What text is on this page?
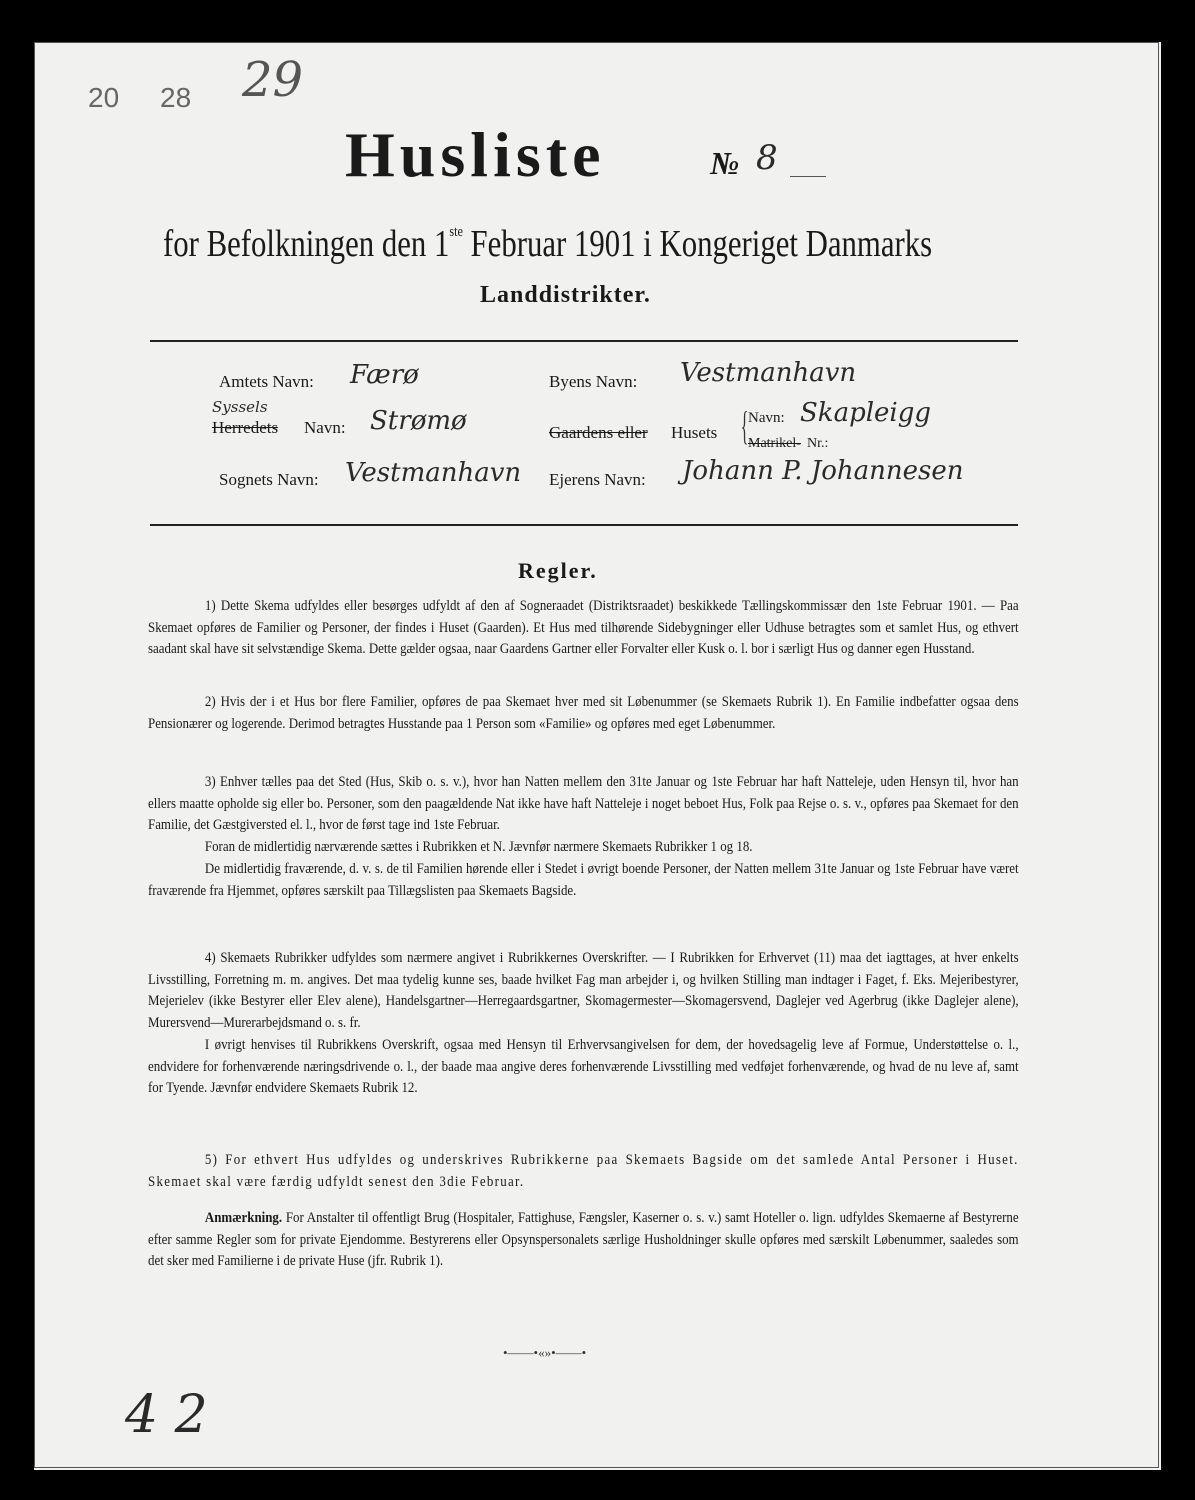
20 28 29
Husliste	№ 8
for Befolkningen den 1ste Februar 1901 i Kongeriget Danmarks
Landdistrikter.
Amtets Navn: Færø
Syssels
Herredets Navn: Strømø
Sognets Navn: Vestmanhavn
Byens Navn: Vestmanhavn
Gaardens eller Husets { Navn: Skapleigg
Matrikel- Nr.:
Ejerens Navn: Johann P. Johannesen
Regler.

1) Dette Skema udfyldes eller besørges udfyldt af den af Sogneraadet (Distriktsraadet) beskikkede Tællingskommissær den 1ste Februar 1901. — Paa Skemaet opføres de Familier og Personer, der findes i Huset (Gaarden). Et Hus med tilhørende Sidebygninger eller Udhuse betragtes som et samlet Hus, og ethvert saadant skal have sit selvstændige Skema. Dette gælder ogsaa, naar Gaardens Gartner eller Forvalter eller Kusk o. l. bor i særligt Hus og danner egen Husstand.

2) Hvis der i et Hus bor flere Familier, opføres de paa Skemaet hver med sit Løbenummer (se Skemaets Rubrik 1). En Familie indbefatter ogsaa dens Pensionærer og logerende. Derimod betragtes Husstande paa 1 Person som «Familie» og opføres med eget Løbenummer.

3) Enhver tælles paa det Sted (Hus, Skib o. s. v.), hvor han Natten mellem den 31te Januar og 1ste Februar har haft Natteleje, uden Hensyn til, hvor han ellers maatte opholde sig eller bo. Personer, som den paagældende Nat ikke have haft Natteleje i noget beboet Hus, Folk paa Rejse o. s. v., opføres paa Skemaet for den Familie, det Gæstgiversted el. l., hvor de først tage ind 1ste Februar.

Foran de midlertidig nærværende sættes i Rubrikken et N. Jævnfør nærmere Skemaets Rubrikker 1 og 18.

De midlertidig fraværende, d. v. s. de til Familien hørende eller i Stedet i øvrigt boende Personer, der Natten mellem 31te Januar og 1ste Februar have været fraværende fra Hjemmet, opføres særskilt paa Tillægslisten paa Skemaets Bagside.

4) Skemaets Rubrikker udfyldes som nærmere angivet i Rubrikkernes Overskrifter. — I Rubrikken for Erhvervet (11) maa det iagttages, at hver enkelts Livsstilling, Forretning m. m. angives. Det maa tydelig kunne ses, baade hvilket Fag man arbejder i, og hvilken Stilling man indtager i Faget, f. Eks. Mejeribestyrer, Mejerielev (ikke Bestyrer eller Elev alene), Handelsgartner—Herregaardsgartner, Skomagermester—Skomagersvend, Daglejer ved Agerbrug (ikke Daglejer alene), Murersvend—Murerarbejdsmand o. s. fr.

I øvrigt henvises til Rubrikkens Overskrift, ogsaa med Hensyn til Erhvervsangivelsen for dem, der hovedsagelig leve af Formue, Understøttelse o. l., endvidere for forhenværende næringsdrivende o. l., der baade maa angive deres forhenværende Livsstilling med vedføjet forhenværende, og hvad de nu leve af, samt for Tyende. Jævnfør endvidere Skemaets Rubrik 12.

5) For ethvert Hus udfyldes og underskrives Rubrikkerne paa Skemaets Bagside om det samlede Antal Personer i Huset. Skemaet skal være færdig udfyldt senest den 3die Februar.

Anmærkning. For Anstalter til offentligt Brug (Hospitaler, Fattighuse, Fængsler, Kaserner o. s. v.) samt Hoteller o. lign. udfyldes Skemaerne af Bestyrerne efter samme Regler som for private Ejendomme. Bestyrerens eller Opsynspersonalets særlige Husholdninger skulle opføres med særskilt Løbenummer, saaledes som det sker med Familierne i de private Huse (jfr. Rubrik 1).

•——•«»•——•
4 2
